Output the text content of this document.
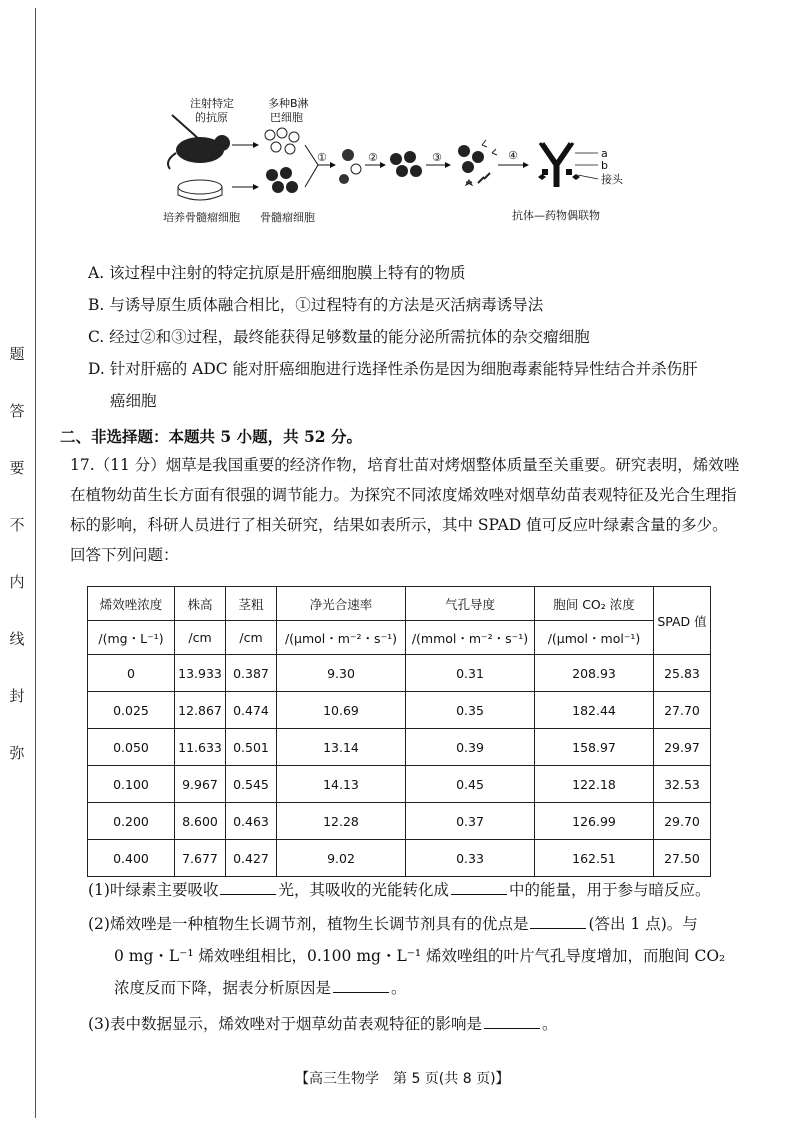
弥
封
线
内
不
要
答
题
注射特定
的抗原
多种B淋
巴细胞
①	②	③	④	a
b
接头
培养骨髓瘤细胞 骨髓瘤细胞	抗体—药物偶联物
A. 该过程中注射的特定抗原是肝癌细胞膜上特有的物质
B. 与诱导原生质体融合相比，①过程特有的方法是灭活病毒诱导法
C. 经过②和③过程，最终能获得足够数量的能分泌所需抗体的杂交瘤细胞
D. 针对肝癌的 ADC 能对肝癌细胞进行选择性杀伤是因为细胞毒素能特异性结合并杀伤肝
癌细胞
二、非选择题：本题共 5 小题，共 52 分。
17.（11 分）烟草是我国重要的经济作物，培育壮苗对烤烟整体质量至关重要。研究表明，烯效唑在植物幼苗生长方面有很强的调节能力。为探究不同浓度烯效唑对烟草幼苗表观特征及光合生理指标的影响，科研人员进行了相关研究，结果如表所示，其中 SPAD 值可反应叶绿素含量的多少。回答下列问题：
烯效唑浓度	株高	茎粗	净光合速率	气孔导度	胞间 CO₂ 浓度	SPAD 值
/(mg・L⁻¹)	/cm	/cm	/(μmol・m⁻²・s⁻¹)	/(mmol・m⁻²・s⁻¹)	/(μmol・mol⁻¹)	
0	13.933	0.387	9.30	0.31	208.93	25.83
0.025	12.867	0.474	10.69	0.35	182.44	27.70
0.050	11.633	0.501	13.14	0.39	158.97	29.97
0.100	9.967	0.545	14.13	0.45	122.18	32.53
0.200	8.600	0.463	12.28	0.37	126.99	29.70
0.400	7.677	0.427	9.02	0.33	162.51	27.50
(1)叶绿素主要吸收	光，其吸收的光能转化成	中的能量，用于参与暗反应。
(2)烯效唑是一种植物生长调节剂，植物生长调节剂具有的优点是	(答出 1 点)。与
0 mg・L⁻¹ 烯效唑组相比，0.100 mg・L⁻¹ 烯效唑组的叶片气孔导度增加，而胞间 CO₂
浓度反而下降，据表分析原因是	。
(3)表中数据显示，烯效唑对于烟草幼苗表观特征的影响是	。
【高三生物学　第 5 页(共 8 页)】
